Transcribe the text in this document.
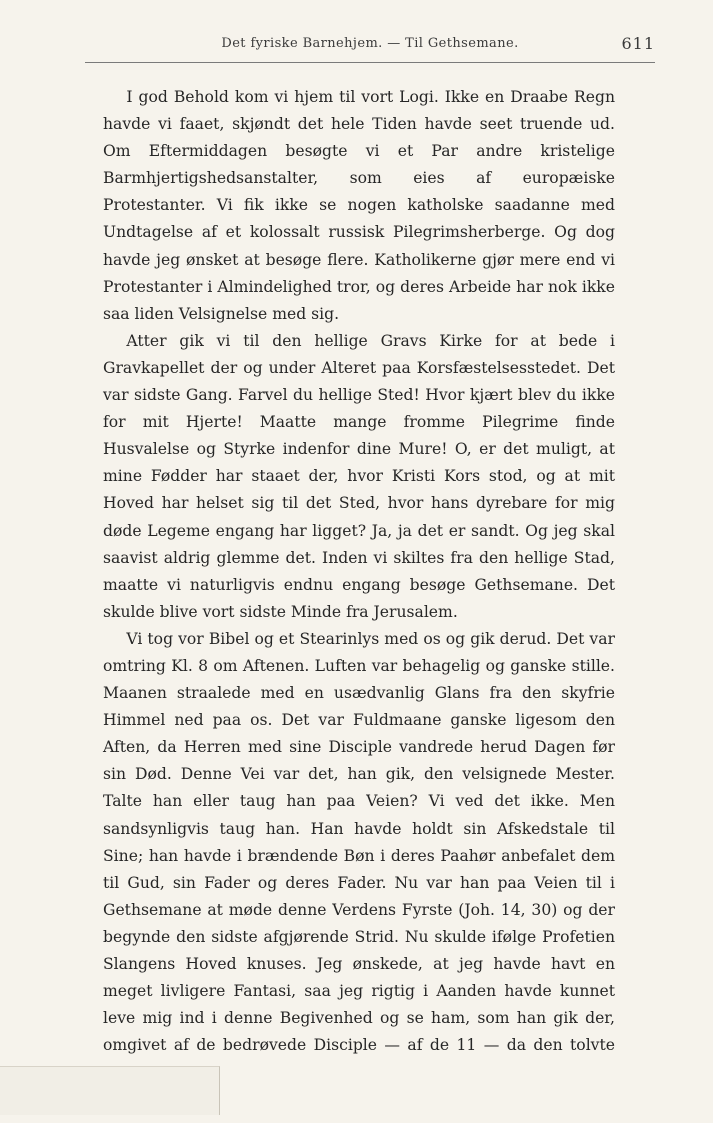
Det fyriske Barnehjem. — Til Gethsemane.	611

I god Behold kom vi hjem til vort Logi. Ikke en Draabe Regn havde vi faaet, skjøndt det hele Tiden havde seet truende ud. Om Eftermiddagen besøgte vi et Par andre kristelige Barmhjertigshedsanstalter, som eies af europæiske Protestanter. Vi fik ikke se nogen katholske saadanne med Undtagelse af et kolossalt russisk Pilegrimsherberge. Og dog havde jeg ønsket at besøge flere. Katholikerne gjør mere end vi Protestanter i Almindelighed tror, og deres Arbeide har nok ikke saa liden Velsignelse med sig.

Atter gik vi til den hellige Gravs Kirke for at bede i Gravkapellet der og under Alteret paa Korsfæstelsesstedet. Det var sidste Gang. Farvel du hellige Sted! Hvor kjært blev du ikke for mit Hjerte! Maatte mange fromme Pilegrime finde Husvalelse og Styrke indenfor dine Mure! O, er det muligt, at mine Fødder har staaet der, hvor Kristi Kors stod, og at mit Hoved har helset sig til det Sted, hvor hans dyrebare for mig døde Legeme engang har ligget? Ja, ja det er sandt. Og jeg skal saavist aldrig glemme det. Inden vi skiltes fra den hellige Stad, maatte vi naturligvis endnu engang besøge Gethsemane. Det skulde blive vort sidste Minde fra Jerusalem.

Vi tog vor Bibel og et Stearinlys med os og gik derud. Det var omtring Kl. 8 om Aftenen. Luften var behagelig og ganske stille. Maanen straalede med en usædvanlig Glans fra den skyfrie Himmel ned paa os. Det var Fuldmaane ganske ligesom den Aften, da Herren med sine Disciple vandrede herud Dagen før sin Død. Denne Vei var det, han gik, den velsignede Mester. Talte han eller taug han paa Veien? Vi ved det ikke. Men sandsynligvis taug han. Han havde holdt sin Afskedstale til Sine; han havde i brændende Bøn i deres Paahør anbefalet dem til Gud, sin Fader og deres Fader. Nu var han paa Veien til i Gethsemane at møde denne Verdens Fyrste (Joh. 14, 30) og der begynde den sidste afgjørende Strid. Nu skulde ifølge Profetien Slangens Hoved knuses. Jeg ønskede, at jeg havde havt en meget livligere Fantasi, saa jeg rigtig i Aanden havde kunnet leve mig ind i denne Begivenhed og se ham, som han gik der, omgivet af de bedrøvede Disciple — af de 11 — da den tolvte
